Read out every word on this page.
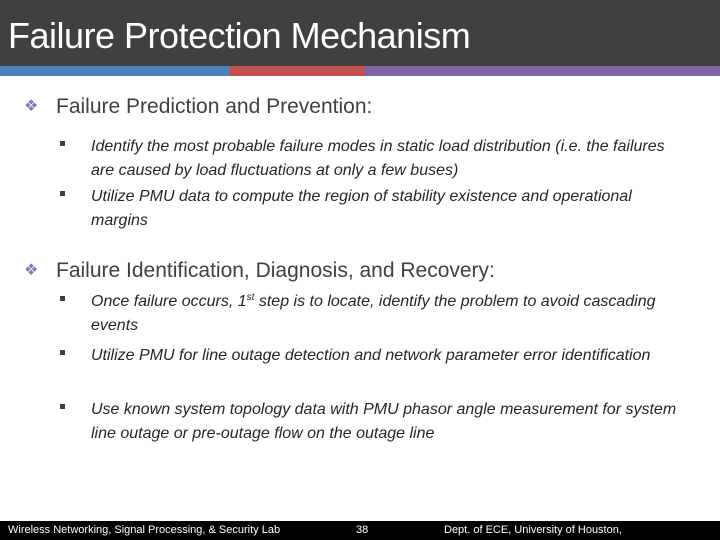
Failure Protection Mechanism
❖ Failure Prediction and Prevention:
Identify the most probable failure modes in static load distribution (i.e. the failures are caused by load fluctuations at only a few buses)
Utilize PMU data to compute the region of stability existence and operational margins
❖ Failure Identification, Diagnosis, and Recovery:
Once failure occurs, 1st step is to locate, identify the problem to avoid cascading events
Utilize PMU for line outage detection and network parameter error identification
Use known system topology data with PMU phasor angle measurement for system line outage or pre-outage flow on the outage line
Wireless Networking, Signal Processing, & Security Lab	38	Dept. of ECE, University of Houston,
